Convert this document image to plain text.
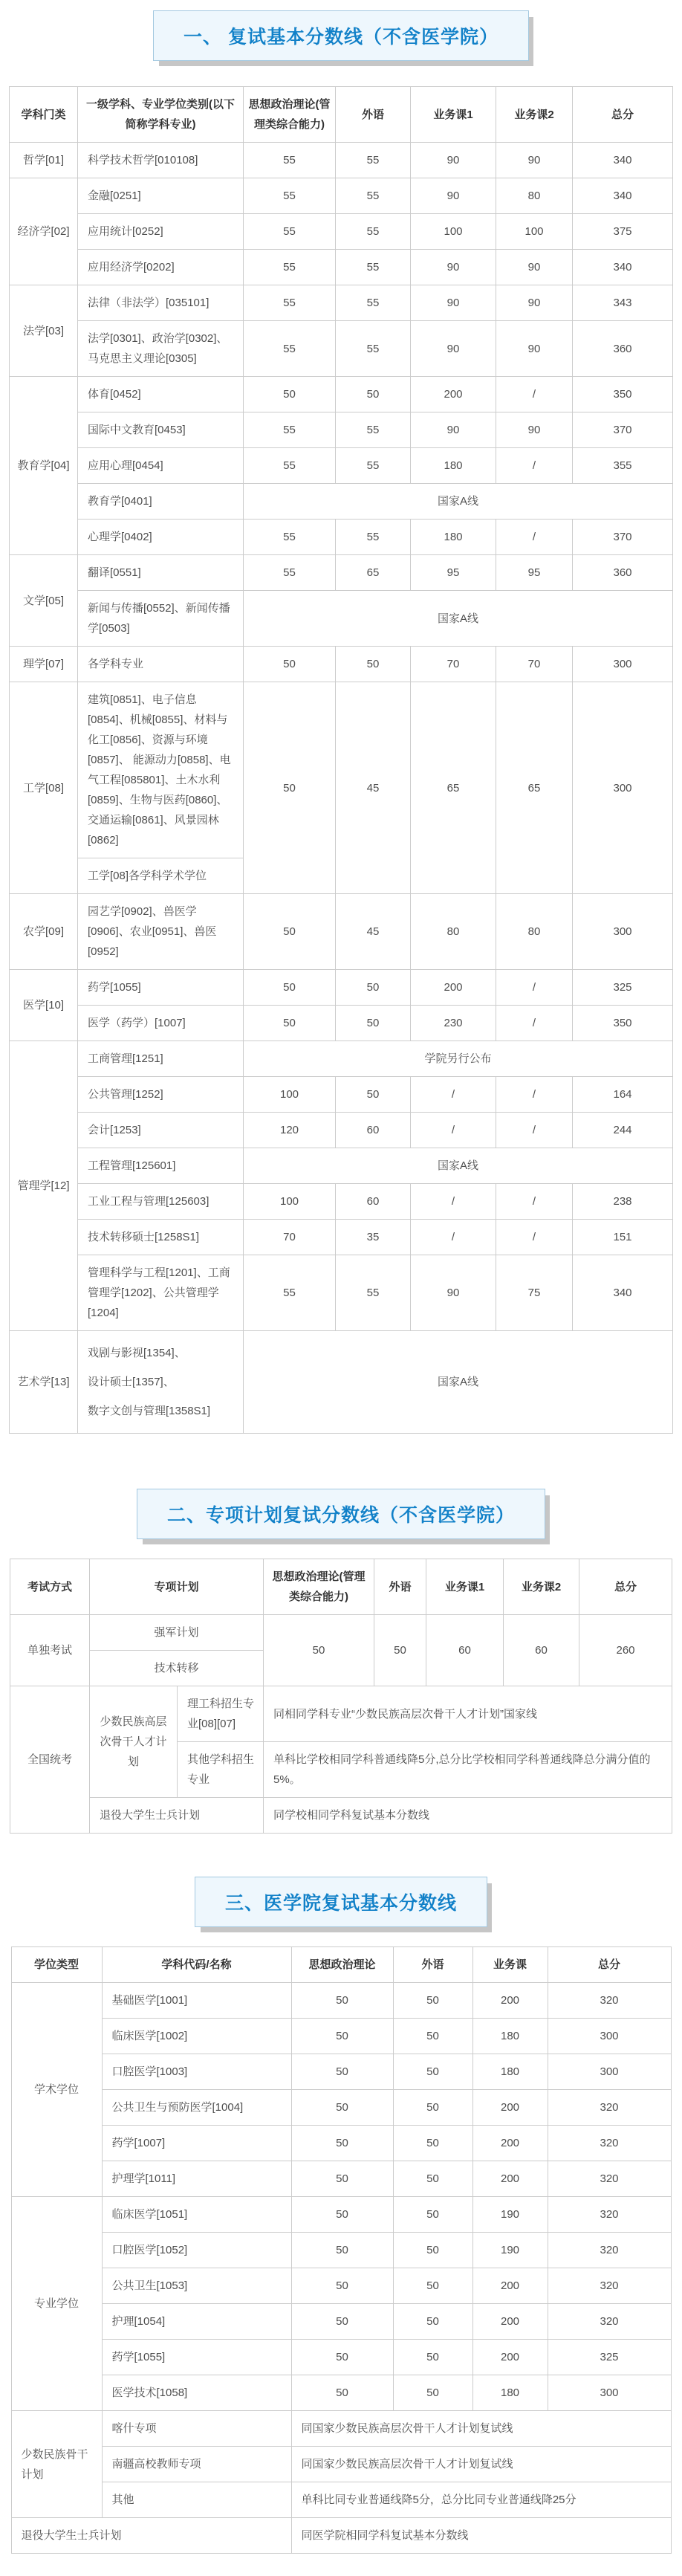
一、 复试基本分数线（不含医学院）
学科门类	一级学科、专业学位类别(以下简称学科专业)	思想政治理论(管理类综合能力)	外语	业务课1	业务课2	总分
哲学[01]	科学技术哲学[010108]	55	55	90	90	340
经济学[02]	金融[0251]	55	55	90	80	340
	应用统计[0252]	55	55	100	100	375
	应用经济学[0202]	55	55	90	90	340
法学[03]	法律（非法学）[035101]	55	55	90	90	343
	法学[0301]、政治学[0302]、马克思主义理论[0305]	55	55	90	90	360
教育学[04]	体育[0452]	50	50	200	/	350
	国际中文教育[0453]	55	55	90	90	370
	应用心理[0454]	55	55	180	/	355
	教育学[0401]	国家A线				
	心理学[0402]	55	55	180	/	370
文学[05]	翻译[0551]	55	65	95	95	360
	新闻与传播[0552]、新闻传播学[0503]	国家A线				
理学[07]	各学科专业	50	50	70	70	300
工学[08]	建筑[0851]、电子信息[0854]、机械[0855]、材料与化工[0856]、资源与环境[0857]、 能源动力[0858]、电气工程[085801]、土木水利[0859]、生物与医药[0860]、交通运输[0861]、风景园林[0862]	50	45	65	65	300
	工学[08]各学科学术学位					
农学[09]	园艺学[0902]、兽医学[0906]、农业[0951]、兽医[0952]	50	45	80	80	300
医学[10]	药学[1055]	50	50	200	/	325
	医学（药学）[1007]	50	50	230	/	350
管理学[12]	工商管理[1251]	学院另行公布				
	公共管理[1252]	100	50	/	/	164
	会计[1253]	120	60	/	/	244
	工程管理[125601]	国家A线				
	工业工程与管理[125603]	100	60	/	/	238
	技术转移硕士[1258S1]	70	35	/	/	151
	管理科学与工程[1201]、工商管理学[1202]、公共管理学[1204]	55	55	90	75	340
艺术学[13]	戏剧与影视[1354]、
设计硕士[1357]、
数字文创与管理[1358S1]	国家A线				
二、专项计划复试分数线（不含医学院）
考试方式	专项计划		思想政治理论(管理类综合能力)	外语	业务课1	业务课2	总分
单独考试	强军计划		50	50	60	60	260
	技术转移						
全国统考	少数民族高层次骨干人才计划	理工科招生专业[08][07]	同相同学科专业“少数民族高层次骨干人才计划”国家线				
		其他学科招生专业	单科比学校相同学科普通线降5分,总分比学校相同学科普通线降总分满分值的5%。				
	退役大学生士兵计划		同学校相同学科复试基本分数线				
三、医学院复试基本分数线
学位类型	学科代码/名称	思想政治理论	外语	业务课	总分
学术学位	基础医学[1001]	50	50	200	320
	临床医学[1002]	50	50	180	300
	口腔医学[1003]	50	50	180	300
	公共卫生与预防医学[1004]	50	50	200	320
	药学[1007]	50	50	200	320
	护理学[1011]	50	50	200	320
专业学位	临床医学[1051]	50	50	190	320
	口腔医学[1052]	50	50	190	320
	公共卫生[1053]	50	50	200	320
	护理[1054]	50	50	200	320
	药学[1055]	50	50	200	325
	医学技术[1058]	50	50	180	300
少数民族骨干计划	喀什专项	同国家少数民族高层次骨干人才计划复试线			
	南疆高校教师专项	同国家少数民族高层次骨干人才计划复试线			
	其他	单科比同专业普通线降5分，总分比同专业普通线降25分			
退役大学生士兵计划		同医学院相同学科复试基本分数线			
